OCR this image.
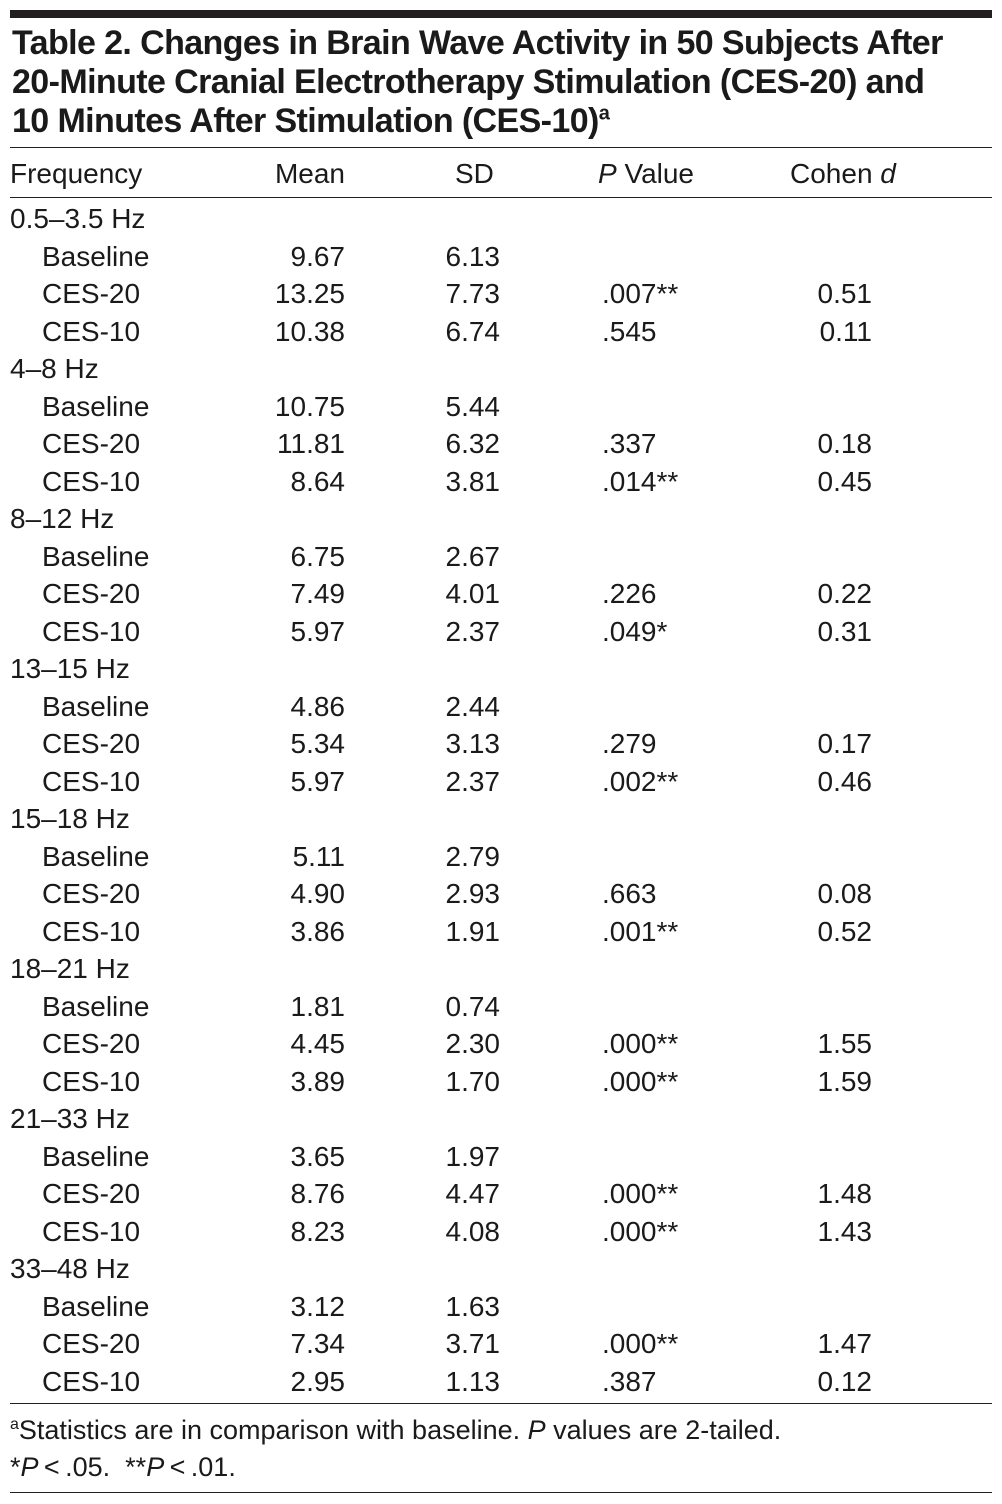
Table 2. Changes in Brain Wave Activity in 50 Subjects After
20-Minute Cranial Electrotherapy Stimulation (CES-20) and
10 Minutes After Stimulation $(CES-10)^a$
Frequency	Mean	SD	P Value	Cohen d
0.5–3.5 Hz
Baseline	9.67	6.13
CES-20	13.25	7.73	.007**	0.51
CES-10	10.38	6.74	.545	0.11
4–8 Hz
Baseline	10.75	5.44
CES-20	11.81	6.32	.337	0.18
CES-10	8.64	3.81	.014**	0.45
8–12 Hz
Baseline	6.75	2.67
CES-20	7.49	4.01	.226	0.22
CES-10	5.97	2.37	.049*	0.31
13–15 Hz
Baseline	4.86	2.44
CES-20	5.34	3.13	.279	0.17
CES-10	5.97	2.37	.002**	0.46
15–18 Hz
Baseline	5.11	2.79
CES-20	4.90	2.93	.663	0.08
CES-10	3.86	1.91	.001**	0.52
18–21 Hz
Baseline	1.81	0.74
CES-20	4.45	2.30	.000**	1.55
CES-10	3.89	1.70	.000**	1.59
21–33 Hz
Baseline	3.65	1.97
CES-20	8.76	4.47	.000**	1.48
CES-10	8.23	4.08	.000**	1.43
33–48 Hz
Baseline	3.12	1.63
CES-20	7.34	3.71	.000**	1.47
CES-10	2.95	1.13	.387	0.12
$^a$Statistics are in comparison with baseline. P values are 2-tailed.
*P < .05. **P < .01.
